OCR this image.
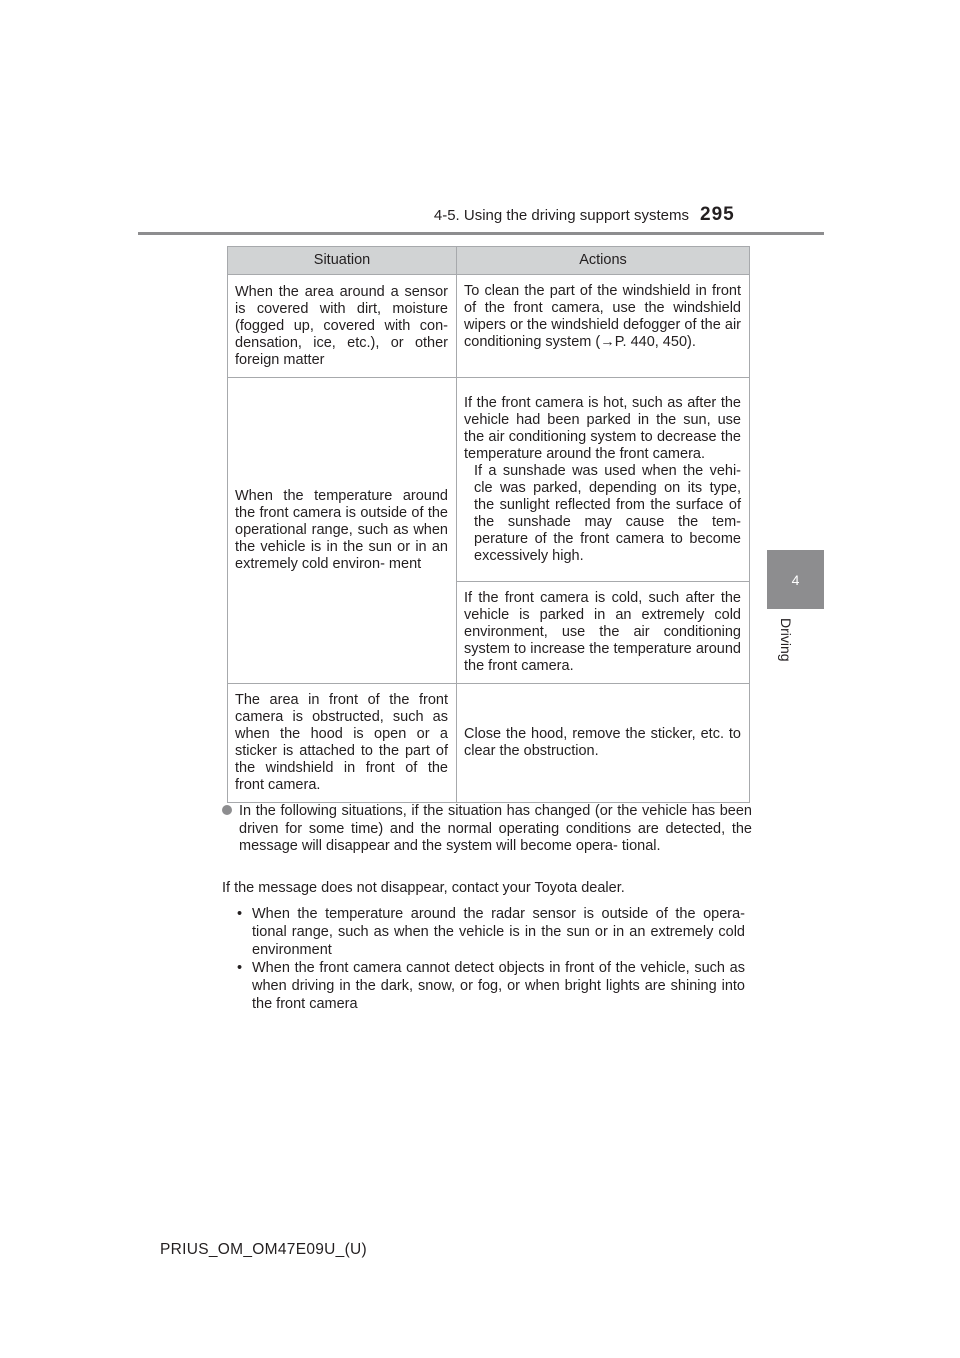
4-5. Using the driving support systems 295
4
Driving
Situation	Actions
When the area around a sensor is covered with dirt, moisture (fogged up, covered with con- densation, ice, etc.), or other foreign matter	To clean the part of the windshield in front of the front camera, use the windshield wipers or the windshield defogger of the air conditioning system (→P. 440, 450).
When the temperature around the front camera is outside of the operational range, such as when the vehicle is in the sun or in an extremely cold environ- ment	If the front camera is hot, such as after the vehicle had been parked in the sun, use the air conditioning system to decrease the temperature around the front camera.
If a sunshade was used when the vehi- cle was parked, depending on its type, the sunlight reflected from the surface of the sunshade may cause the tem- perature of the front camera to become excessively high.

	If the front camera is cold, such after the vehicle is parked in an extremely cold environment, use the air conditioning system to increase the temperature around the front camera.
The area in front of the front camera is obstructed, such as when the hood is open or a sticker is attached to the part of the windshield in front of the front camera.	Close the hood, remove the sticker, etc. to clear the obstruction.
In the following situations, if the situation has changed (or the vehicle has been driven for some time) and the normal operating conditions are detected, the message will disappear and the system will become opera- tional.
If the message does not disappear, contact your Toyota dealer.
• When the temperature around the radar sensor is outside of the opera- tional range, such as when the vehicle is in the sun or in an extremely cold environment
• When the front camera cannot detect objects in front of the vehicle, such as when driving in the dark, snow, or fog, or when bright lights are shining into the front camera
PRIUS_OM_OM47E09U_(U)
